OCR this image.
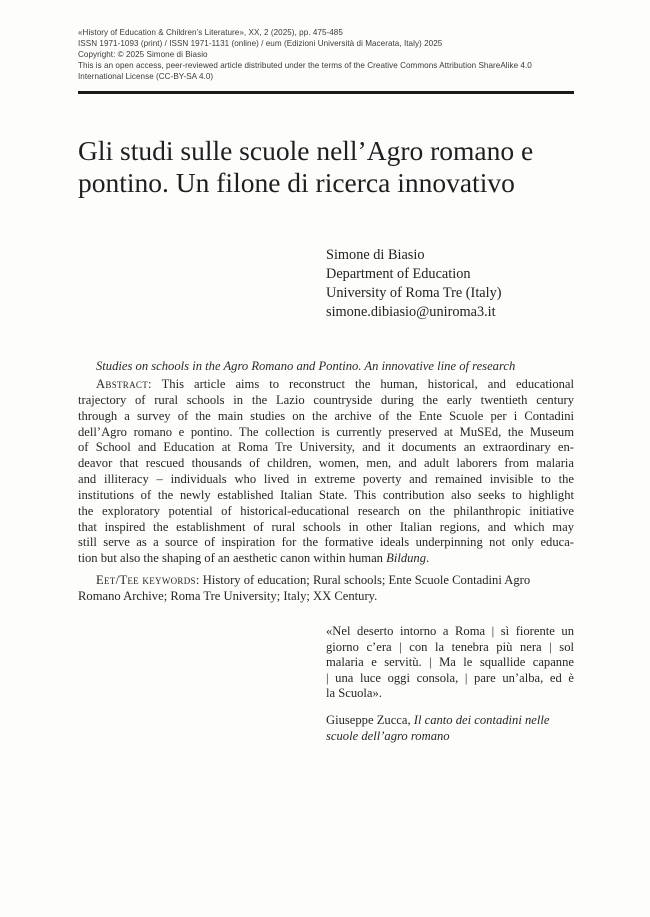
«History of Education & Children’s Literature», XX, 2 (2025), pp. 475-485
ISSN 1971-1093 (print) / ISSN 1971-1131 (online) / eum (Edizioni Università di Macerata, Italy) 2025
Copyright: © 2025 Simone di Biasio
This is an open access, peer-reviewed article distributed under the terms of the Creative Commons Attribution ShareAlike 4.0
International License (CC-BY-SA 4.0)
Gli studi sulle scuole nell’Agro romano e
pontino. Un filone di ricerca innovativo
Simone di Biasio
Department of Education
University of Roma Tre (Italy)
simone.dibiasio@uniroma3.it
Studies on schools in the Agro Romano and Pontino. An innovative line of research
Abstract: This article aims to reconstruct the human, historical, and educational
trajectory of rural schools in the Lazio countryside during the early twentieth century
through a survey of the main studies on the archive of the Ente Scuole per i Contadini
dell’Agro romano e pontino. The collection is currently preserved at MuSEd, the Museum
of School and Education at Roma Tre University, and it documents an extraordinary en-
deavor that rescued thousands of children, women, men, and adult laborers from malaria
and illiteracy – individuals who lived in extreme poverty and remained invisible to the
institutions of the newly established Italian State. This contribution also seeks to highlight
the exploratory potential of historical-educational research on the philanthropic initiative
that inspired the establishment of rural schools in other Italian regions, and which may
still serve as a source of inspiration for the formative ideals underpinning not only educa-
tion but also the shaping of an aesthetic canon within human Bildung.
Eet/Tee keywords: History of education; Rural schools; Ente Scuole Contadini Agro
Romano Archive; Roma Tre University; Italy; XX Century.
«Nel deserto intorno a Roma | sì fiorente un
giorno c’era | con la tenebra più nera | sol
malaria e servitù. | Ma le squallide capanne
| una luce oggi consola, | pare un’alba, ed è
la Scuola».
Giuseppe Zucca, Il canto dei contadini nelle
scuole dell’agro romano
